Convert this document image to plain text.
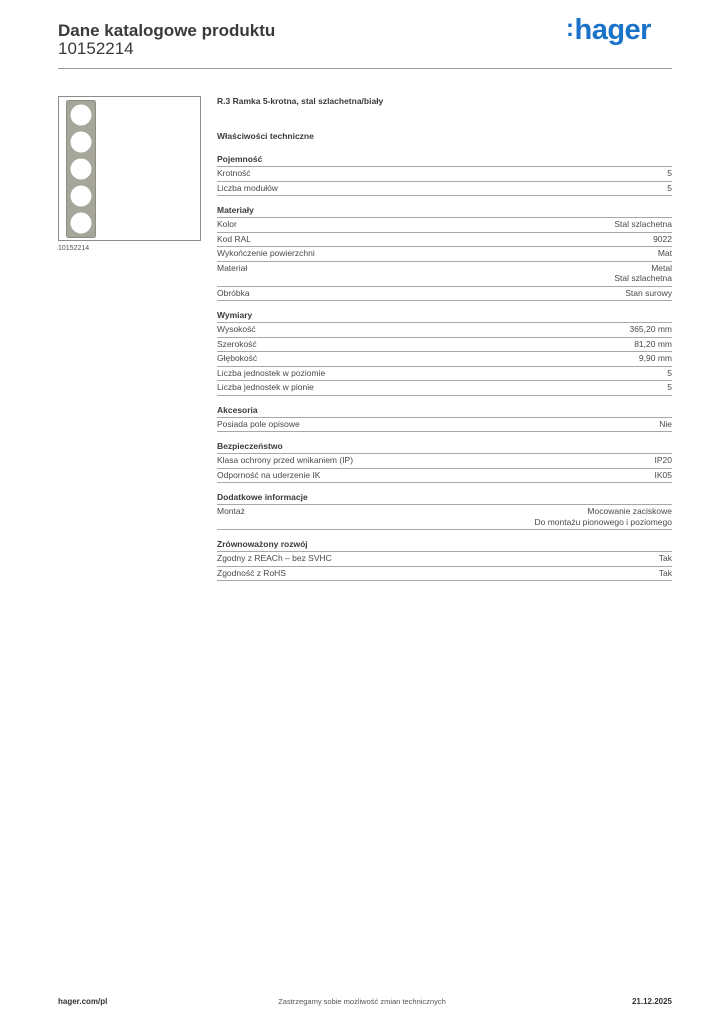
Dane katalogowe produktu
10152214
:hager
10152214
R.3 Ramka 5-krotna, stal szlachetna/biały
Właściwości techniczne
Pojemność
Krotność	5
Liczba modułów	5
Materiały
Kolor	Stal szlachetna
Kod RAL	9022
Wykończenie powierzchni	Mat
Materiał	Metal
Stal szlachetna
Obróbka	Stan surowy
Wymiary
Wysokość	365,20 mm
Szerokość	81,20 mm
Głębokość	9,90 mm
Liczba jednostek w poziomie	5
Liczba jednostek w pionie	5
Akcesoria
Posiada pole opisowe	Nie
Bezpieczeństwo
Klasa ochrony przed wnikaniem (IP)	IP20
Odporność na uderzenie IK	IK05
Dodatkowe informacje
Montaż	Mocowanie zaciskowe
Do montażu pionowego i poziomego
Zrównoważony rozwój
Zgodny z REACh – bez SVHC	Tak
Zgodność z RoHS	Tak
hager.com/pl	Zastrzegamy sobie możliwość zmian technicznych	21.12.2025
